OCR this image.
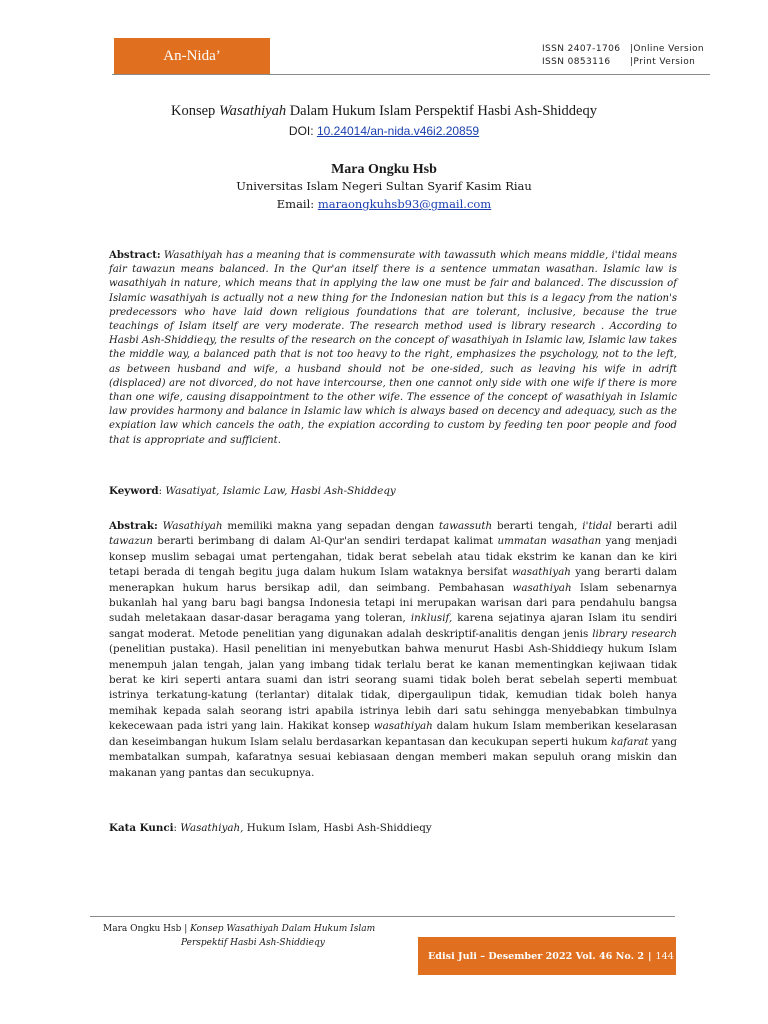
An-Nida’	ISSN 2407-1706	|Online Version
ISSN 0853116	|Print Version
Konsep Wasathiyah Dalam Hukum Islam Perspektif Hasbi Ash-Shiddeqy
DOI: 10.24014/an-nida.v46i2.20859
Mara Ongku Hsb
Universitas Islam Negeri Sultan Syarif Kasim Riau
Email: maraongkuhsb93@gmail.com

Abstract: Wasathiyah has a meaning that is commensurate with tawassuth which means middle, i'tidal means fair tawazun means balanced. In the Qur'an itself there is a sentence ummatan wasathan. Islamic law is wasathiyah in nature, which means that in applying the law one must be fair and balanced. The discussion of Islamic wasathiyah is actually not a new thing for the Indonesian nation but this is a legacy from the nation's predecessors who have laid down religious foundations that are tolerant, inclusive, because the true teachings of Islam itself are very moderate. The research method used is library research . According to Hasbi Ash-Shiddieqy, the results of the research on the concept of wasathiyah in Islamic law, Islamic law takes the middle way, a balanced path that is not too heavy to the right, emphasizes the psychology, not to the left, as between husband and wife, a husband should not be one-sided, such as leaving his wife in adrift (displaced) are not divorced, do not have intercourse, then one cannot only side with one wife if there is more than one wife, causing disappointment to the other wife. The essence of the concept of wasathiyah in Islamic law provides harmony and balance in Islamic law which is always based on decency and adequacy, such as the expiation law which cancels the oath, the expiation according to custom by feeding ten poor people and food that is appropriate and sufficient.

Keyword: Wasatiyat, Islamic Law, Hasbi Ash-Shiddeqy

Abstrak: Wasathiyah memiliki makna yang sepadan dengan tawassuth berarti tengah, i'tidal berarti adil tawazun berarti berimbang di dalam Al-Qur'an sendiri terdapat kalimat ummatan wasathan yang menjadi konsep muslim sebagai umat pertengahan, tidak berat sebelah atau tidak ekstrim ke kanan dan ke kiri tetapi berada di tengah begitu juga dalam hukum Islam wataknya bersifat wasathiyah yang berarti dalam menerapkan hukum harus bersikap adil, dan seimbang. Pembahasan wasathiyah Islam sebenarnya bukanlah hal yang baru bagi bangsa Indonesia tetapi ini merupakan warisan dari para pendahulu bangsa sudah meletakaan dasar-dasar beragama yang toleran, inklusif, karena sejatinya ajaran Islam itu sendiri sangat moderat. Metode penelitian yang digunakan adalah deskriptif-analitis dengan jenis library research (penelitian pustaka). Hasil penelitian ini menyebutkan bahwa menurut Hasbi Ash-Shiddieqy hukum Islam menempuh jalan tengah, jalan yang imbang tidak terlalu berat ke kanan mementingkan kejiwaan tidak berat ke kiri seperti antara suami dan istri seorang suami tidak boleh berat sebelah seperti membuat istrinya terkatung-katung (terlantar) ditalak tidak, dipergaulipun tidak, kemudian tidak boleh hanya memihak kepada salah seorang istri apabila istrinya lebih dari satu sehingga menyebabkan timbulnya kekecewaan pada istri yang lain. Hakikat konsep wasathiyah dalam hukum Islam memberikan keselarasan dan keseimbangan hukum Islam selalu berdasarkan kepantasan dan kecukupan seperti hukum kafarat yang membatalkan sumpah, kafaratnya sesuai kebiasaan dengan memberi makan sepuluh orang miskin dan makanan yang pantas dan secukupnya.

Kata Kunci: Wasathiyah, Hukum Islam, Hasbi Ash-Shiddieqy

Mara Ongku Hsb | Konsep Wasathiyah Dalam Hukum Islam
Perspektif Hasbi Ash-Shiddieqy
Edisi Juli – Desember 2022 Vol. 46 No. 2 | 144
